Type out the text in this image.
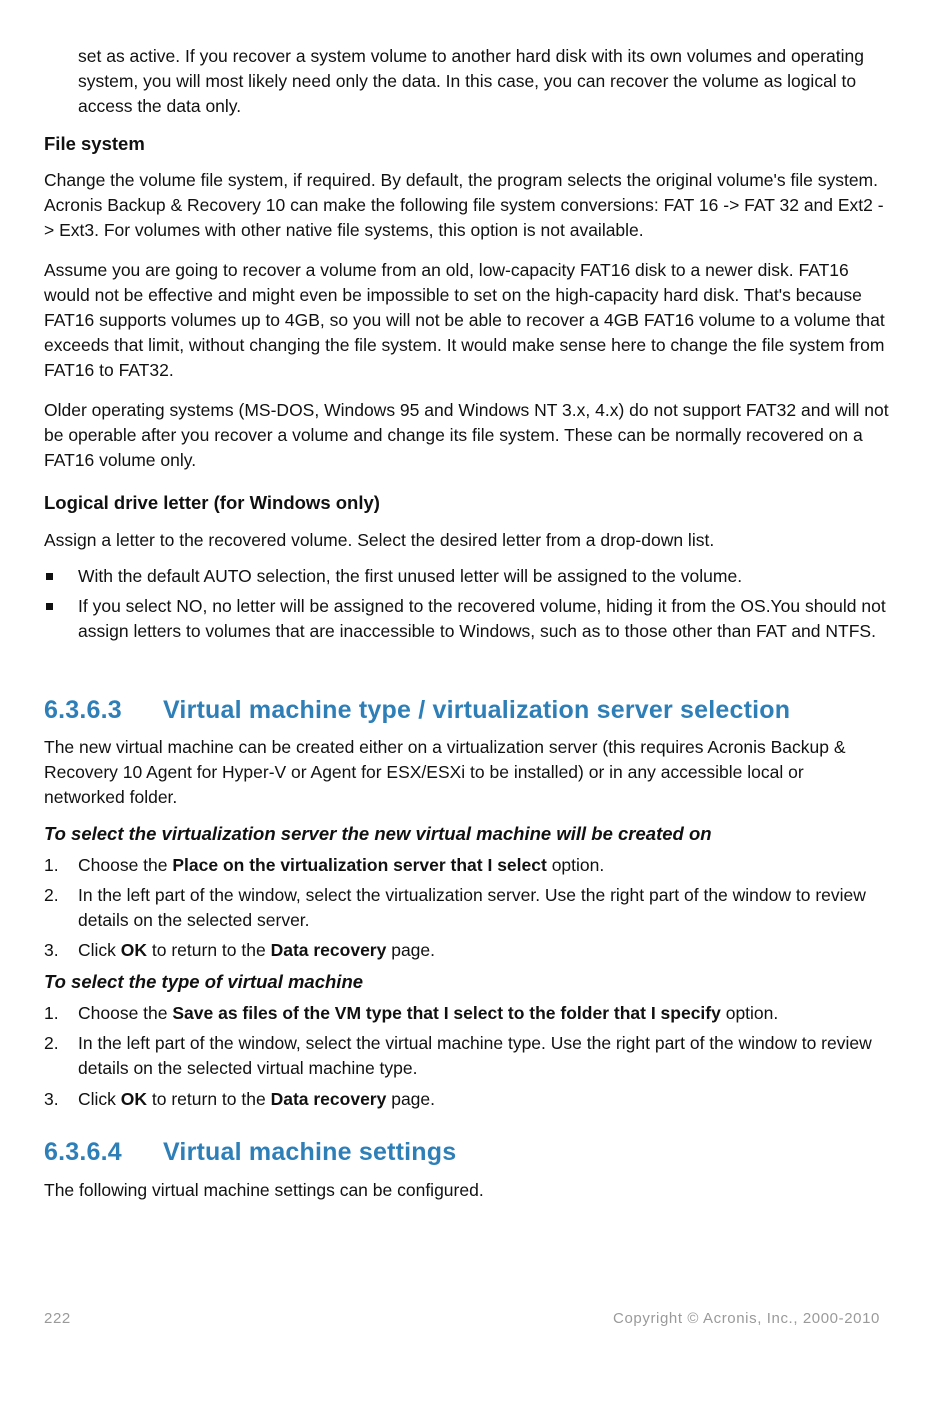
set as active. If you recover a system volume to another hard disk with its own volumes and operating system, you will most likely need only the data. In this case, you can recover the volume as logical to access the data only.

File system

Change the volume file system, if required. By default, the program selects the original volume's file system. Acronis Backup & Recovery 10 can make the following file system conversions: FAT 16 -> FAT 32 and Ext2 -> Ext3. For volumes with other native file systems, this option is not available.

Assume you are going to recover a volume from an old, low-capacity FAT16 disk to a newer disk. FAT16 would not be effective and might even be impossible to set on the high-capacity hard disk. That's because FAT16 supports volumes up to 4GB, so you will not be able to recover a 4GB FAT16 volume to a volume that exceeds that limit, without changing the file system. It would make sense here to change the file system from FAT16 to FAT32.

Older operating systems (MS-DOS, Windows 95 and Windows NT 3.x, 4.x) do not support FAT32 and will not be operable after you recover a volume and change its file system. These can be normally recovered on a FAT16 volume only.

Logical drive letter (for Windows only)

Assign a letter to the recovered volume. Select the desired letter from a drop-down list.

With the default AUTO selection, the first unused letter will be assigned to the volume.
If you select NO, no letter will be assigned to the recovered volume, hiding it from the OS.You should not assign letters to volumes that are inaccessible to Windows, such as to those other than FAT and NTFS.
6.3.6.3 Virtual machine type / virtualization server selection

The new virtual machine can be created either on a virtualization server (this requires Acronis Backup & Recovery 10 Agent for Hyper-V or Agent for ESX/ESXi to be installed) or in any accessible local or networked folder.

To select the virtualization server the new virtual machine will be created on
1.	Choose the Place on the virtualization server that I select option.
2.	In the left part of the window, select the virtualization server. Use the right part of the window to review details on the selected server.
3.	Click OK to return to the Data recovery page.
To select the type of virtual machine
1.	Choose the Save as files of the VM type that I select to the folder that I specify option.
2.	In the left part of the window, select the virtual machine type. Use the right part of the window to review details on the selected virtual machine type.
3.	Click OK to return to the Data recovery page.
6.3.6.4 Virtual machine settings

The following virtual machine settings can be configured.

222	Copyright © Acronis, Inc., 2000-2010
